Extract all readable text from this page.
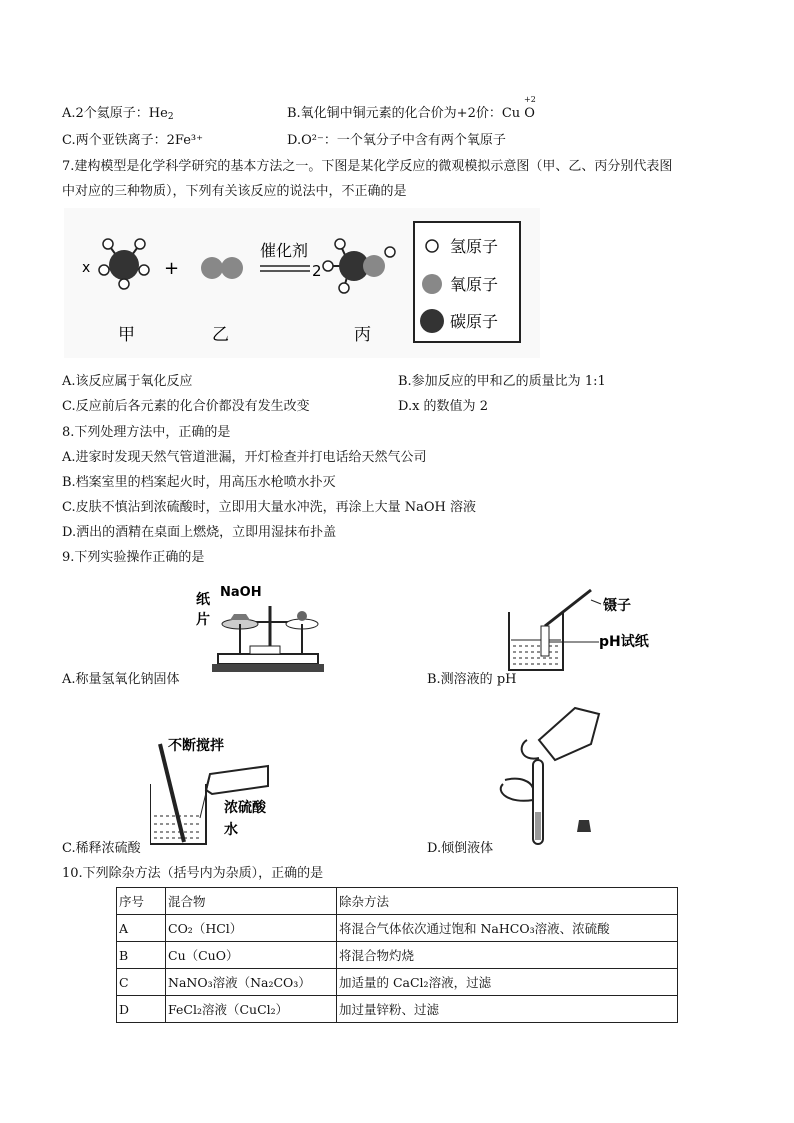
A.2个氦原子：$He_2$	B.氧化铜中铜元素的化合价为+2价：Cu O
+2
C.两个亚铁离子：2Fe³⁺	D.O²⁻：一个氧分子中含有两个氧原子
7.建构模型是化学科学研究的基本方法之一。下图是某化学反应的微观模拟示意图（甲、乙、丙分别代表图
中对应的三种物质），下列有关该反应的说法中，不正确的是
x	+
催化剂
2
甲	乙	丙
氢原子
氧原子
碳原子
A.该反应属于氧化反应	B.参加反应的甲和乙的质量比为 1:1
C.反应前后各元素的化合价都没有发生改变	D.x 的数值为 2
8.下列处理方法中，正确的是
A.进家时发现天然气管道泄漏，开灯检查并打电话给天然气公司
B.档案室里的档案起火时，用高压水枪喷水扑灭
C.皮肤不慎沾到浓硫酸时，立即用大量水冲洗，再涂上大量 NaOH 溶液
D.洒出的酒精在桌面上燃烧，立即用湿抹布扑盖
9.下列实验操作正确的是
NaOH
纸
片
A.称量氢氧化钠固体
镊子
pH试纸
B.测溶液的 pH
不断搅拌
浓硫酸
水
C.稀释浓硫酸	D.倾倒液体
10.下列除杂方法（括号内为杂质），正确的是
序号	混合物	除杂方法
A	CO₂（HCl）	将混合气体依次通过饱和 NaHCO₃溶液、浓硫酸
B	Cu（CuO）	将混合物灼烧
C	NaNO₃溶液（Na₂CO₃）	加适量的 CaCl₂溶液，过滤
D	FeCl₂溶液（CuCl₂）	加过量锌粉、过滤
